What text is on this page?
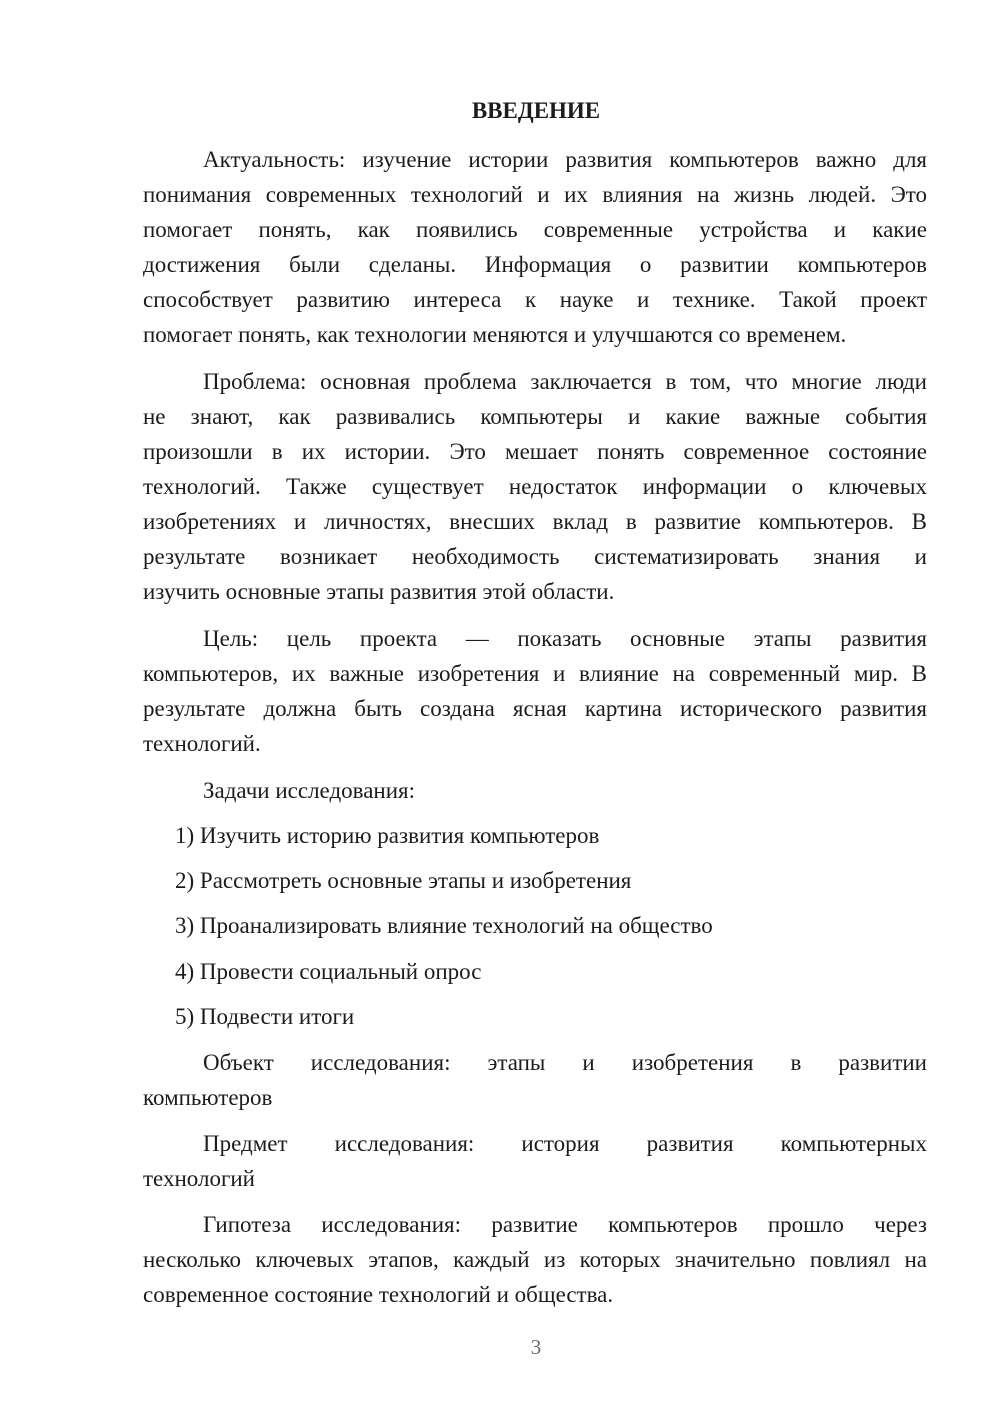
ВВЕДЕНИЕ
Актуальность: изучение истории развития компьютеров важно для
понимания современных технологий и их влияния на жизнь людей. Это
помогает понять, как появились современные устройства и какие
достижения были сделаны. Информация о развитии компьютеров
способствует развитию интереса к науке и технике. Такой проект
помогает понять, как технологии меняются и улучшаются со временем.
Проблема: основная проблема заключается в том, что многие люди
не знают, как развивались компьютеры и какие важные события
произошли в их истории. Это мешает понять современное состояние
технологий. Также существует недостаток информации о ключевых
изобретениях и личностях, внесших вклад в развитие компьютеров. В
результате возникает необходимость систематизировать знания и
изучить основные этапы развития этой области.
Цель: цель проекта — показать основные этапы развития
компьютеров, их важные изобретения и влияние на современный мир. В
результате должна быть создана ясная картина исторического развития
технологий.
Задачи исследования:
1) Изучить историю развития компьютеров
2) Рассмотреть основные этапы и изобретения
3) Проанализировать влияние технологий на общество
4) Провести социальный опрос
5) Подвести итоги
Объект исследования: этапы и изобретения в развитии
компьютеров
Предмет исследования: история развития компьютерных
технологий
Гипотеза исследования: развитие компьютеров прошло через
несколько ключевых этапов, каждый из которых значительно повлиял на
современное состояние технологий и общества.
3
